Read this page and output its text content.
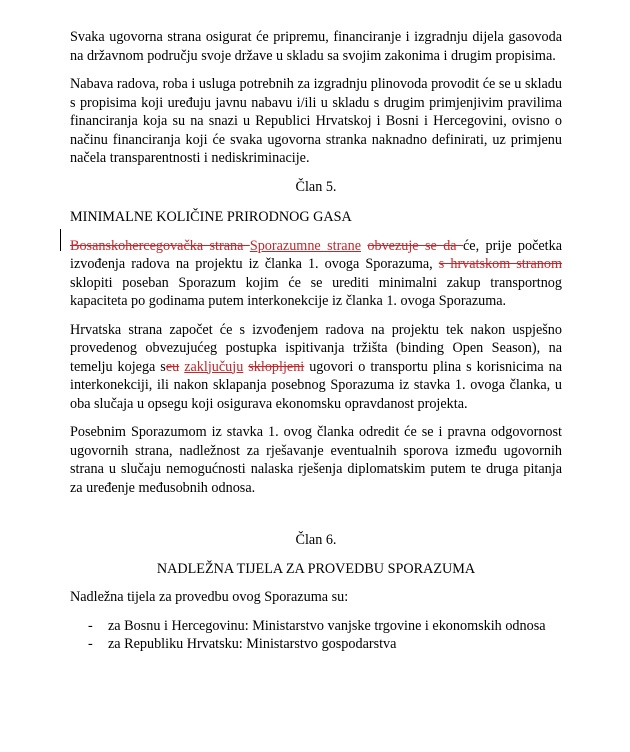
Svaka ugovorna strana osigurat će pripremu, financiranje i izgradnju dijela gasovoda na državnom području svoje države u skladu sa svojim zakonima i drugim propisima.

Nabava radova, roba i usluga potrebnih za izgradnju plinovoda provodit će se u skladu s propisima koji uređuju javnu nabavu i/ili u skladu s drugim primjenjivim pravilima financiranja koja su na snazi u Republici Hrvatskoj i Bosni i Hercegovini, ovisno o načinu financiranja koji će svaka ugovorna stranka naknadno definirati, uz primjenu načela transparentnosti i nediskriminacije.

Član 5.

MINIMALNE KOLIČINE PRIRODNOG GASA

Bosanskohercegovačka strana Sporazumne strane obvezuje se da će, prije početka izvođenja radova na projektu iz članka 1. ovoga Sporazuma, s hrvatskom stranom sklopiti poseban Sporazum kojim će se urediti minimalni zakup transportnog kapaciteta po godinama putem interkonekcije iz članka 1. ovoga Sporazuma.

Hrvatska strana započet će s izvođenjem radova na projektu tek nakon uspješno provedenog obvezujućeg postupka ispitivanja tržišta (binding Open Season), na temelju kojega seu zaključuju sklopljeni ugovori o transportu plina s korisnicima na interkonekciji, ili nakon sklapanja posebnog Sporazuma iz stavka 1. ovoga članka, u oba slučaja u opsegu koji osigurava ekonomsku opravdanost projekta.

Posebnim Sporazumom iz stavka 1. ovog članka odredit će se i pravna odgovornost ugovornih strana, nadležnost za rješavanje eventualnih sporova između ugovornih strana u slučaju nemogućnosti nalaska rješenja diplomatskim putem te druga pitanja za uređenje međusobnih odnosa.

Član 6.

NADLEŽNA TIJELA ZA PROVEDBU SPORAZUMA

Nadležna tijela za provedbu ovog Sporazuma su:

- za Bosnu i Hercegovinu: Ministarstvo vanjske trgovine i ekonomskih odnosa
- za Republiku Hrvatsku: Ministarstvo gospodarstva
